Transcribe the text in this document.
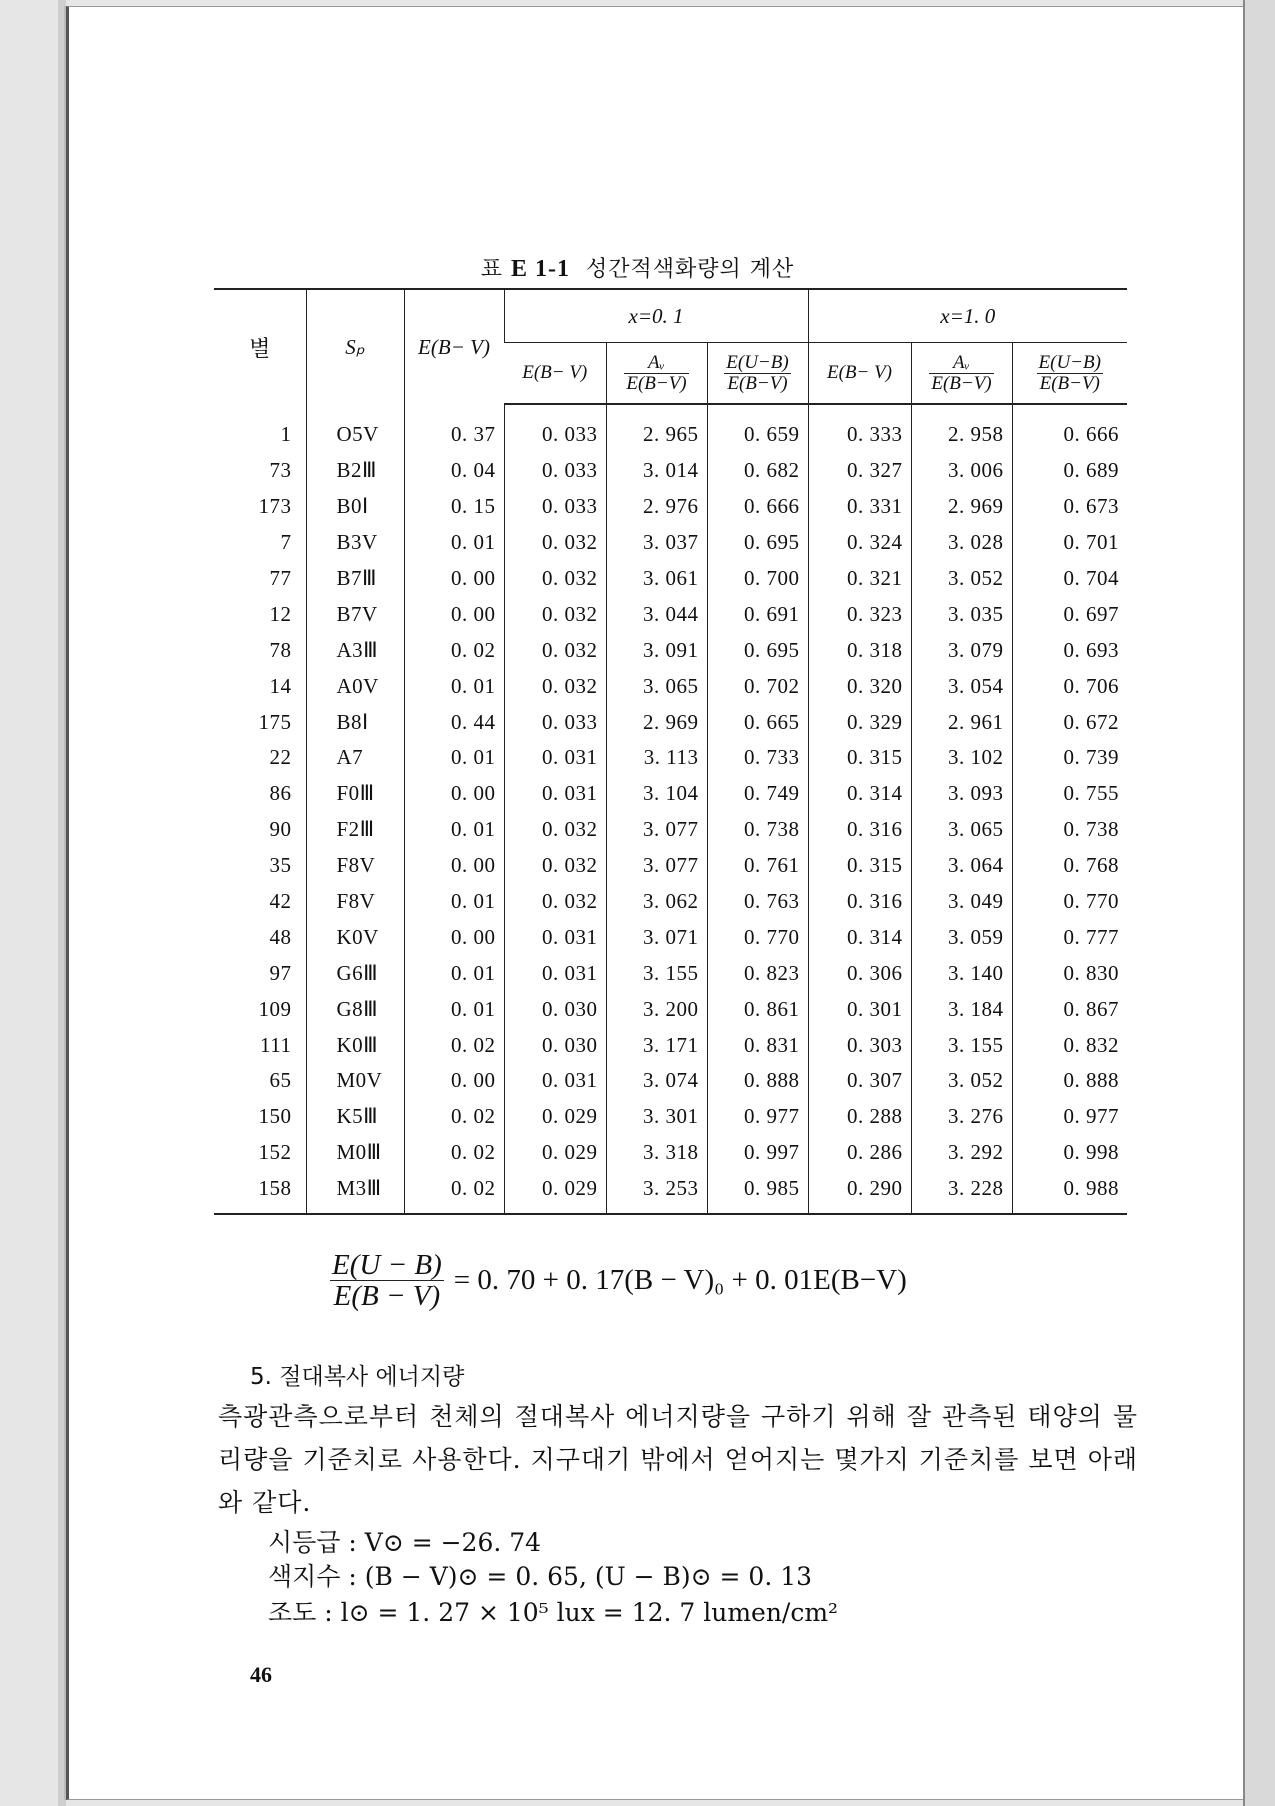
표 E 1-1 성간적색화량의 계산
별	Sₚ	E(B− V)	x=0. 1			x=1. 0		
			E(B− V)	$\frac{\text{Aᵥ}}{E(B-V)}$	$\frac{E(U-B)}{E(B-V)}$	E(B− V)	$\frac{\text{Aᵥ}}{E(B-V)}$	$\frac{E(U-B)}{E(B-V)}$

1	O5V	0. 37	0. 033	2. 965	0. 659	0. 333	2. 958	0. 666
73	B2Ⅲ	0. 04	0. 033	3. 014	0. 682	0. 327	3. 006	0. 689
173	B0Ⅰ	0. 15	0. 033	2. 976	0. 666	0. 331	2. 969	0. 673
7	B3V	0. 01	0. 032	3. 037	0. 695	0. 324	3. 028	0. 701
77	B7Ⅲ	0. 00	0. 032	3. 061	0. 700	0. 321	3. 052	0. 704
12	B7V	0. 00	0. 032	3. 044	0. 691	0. 323	3. 035	0. 697
78	A3Ⅲ	0. 02	0. 032	3. 091	0. 695	0. 318	3. 079	0. 693
14	A0V	0. 01	0. 032	3. 065	0. 702	0. 320	3. 054	0. 706
175	B8Ⅰ	0. 44	0. 033	2. 969	0. 665	0. 329	2. 961	0. 672
22	A7	0. 01	0. 031	3. 113	0. 733	0. 315	3. 102	0. 739
86	F0Ⅲ	0. 00	0. 031	3. 104	0. 749	0. 314	3. 093	0. 755
90	F2Ⅲ	0. 01	0. 032	3. 077	0. 738	0. 316	3. 065	0. 738
35	F8V	0. 00	0. 032	3. 077	0. 761	0. 315	3. 064	0. 768
42	F8V	0. 01	0. 032	3. 062	0. 763	0. 316	3. 049	0. 770
48	K0V	0. 00	0. 031	3. 071	0. 770	0. 314	3. 059	0. 777
97	G6Ⅲ	0. 01	0. 031	3. 155	0. 823	0. 306	3. 140	0. 830
109	G8Ⅲ	0. 01	0. 030	3. 200	0. 861	0. 301	3. 184	0. 867
111	K0Ⅲ	0. 02	0. 030	3. 171	0. 831	0. 303	3. 155	0. 832
65	M0V	0. 00	0. 031	3. 074	0. 888	0. 307	3. 052	0. 888
150	K5Ⅲ	0. 02	0. 029	3. 301	0. 977	0. 288	3. 276	0. 977
152	M0Ⅲ	0. 02	0. 029	3. 318	0. 997	0. 286	3. 292	0. 998
158	M3Ⅲ	0. 02	0. 029	3. 253	0. 985	0. 290	3. 228	0. 988
$\frac{E(U - B)}{E(B - V)} = 0$. 70 + 0. 17(B − V)₀ + 0. 01E(B−V)
5. 절대복사 에너지량
측광관측으로부터 천체의 절대복사 에너지량을 구하기 위해 잘 관측된 태양의 물리량을 기준치로 사용한다. 지구대기 밖에서 얻어지는 몇가지 기준치를 보면 아래와 같다.
시등급 : V⊙ = −26. 74
색지수 : (B − V)⊙ = 0. 65, (U − B)⊙ = 0. 13
조도 : l⊙ = 1. 27 × 10⁵ lux = 12. 7 lumen/cm²
46
